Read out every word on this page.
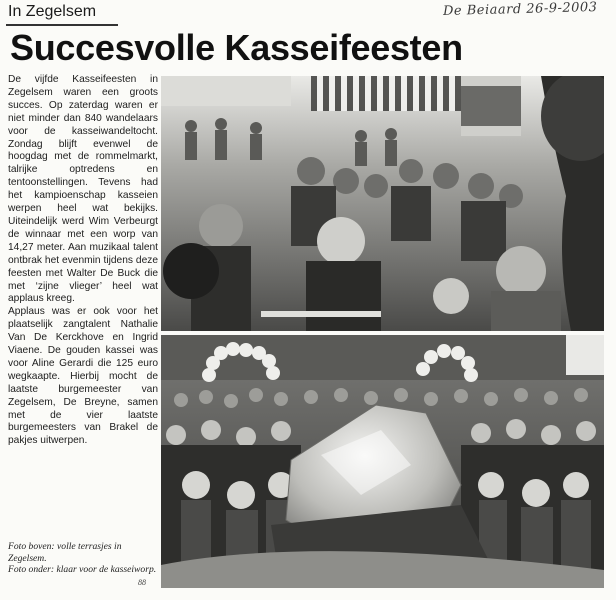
In Zegelsem	De Beiaard 26-9-2003
Succesvolle Kasseifeesten

De vijfde Kasseifeesten in Zegelsem waren een groots succes. Op zaterdag waren er niet minder dan 840 wandelaars voor de kasseiwandeltocht. Zondag blijft evenwel de hoogdag met de rommelmarkt, talrijke optredens en tentoonstellingen. Tevens had het kampioenschap kasseien werpen heel wat bekijks. Uiteindelijk werd Wim Verbeurgt de winnaar met een worp van 14,27 meter. Aan muzikaal talent ontbrak het evenmin tijdens deze feesten met Walter De Buck die met ‘zijne vlieger’ heel wat applaus kreeg.

Applaus was er ook voor het plaatselijk zangtalent Nathalie Van De Kerckhove en Ingrid Viaene. De gouden kassei was voor Aline Gerardi die 125 euro wegkaapte. Hierbij mocht de laatste burgemeester van Zegelsem, De Breyne, samen met de vier laatste burgemeesters van Brakel de pakjes uitwerpen.

Foto boven: volle terrasjes in Zegelsem.

Foto onder: klaar voor de kasseiworp.

88
